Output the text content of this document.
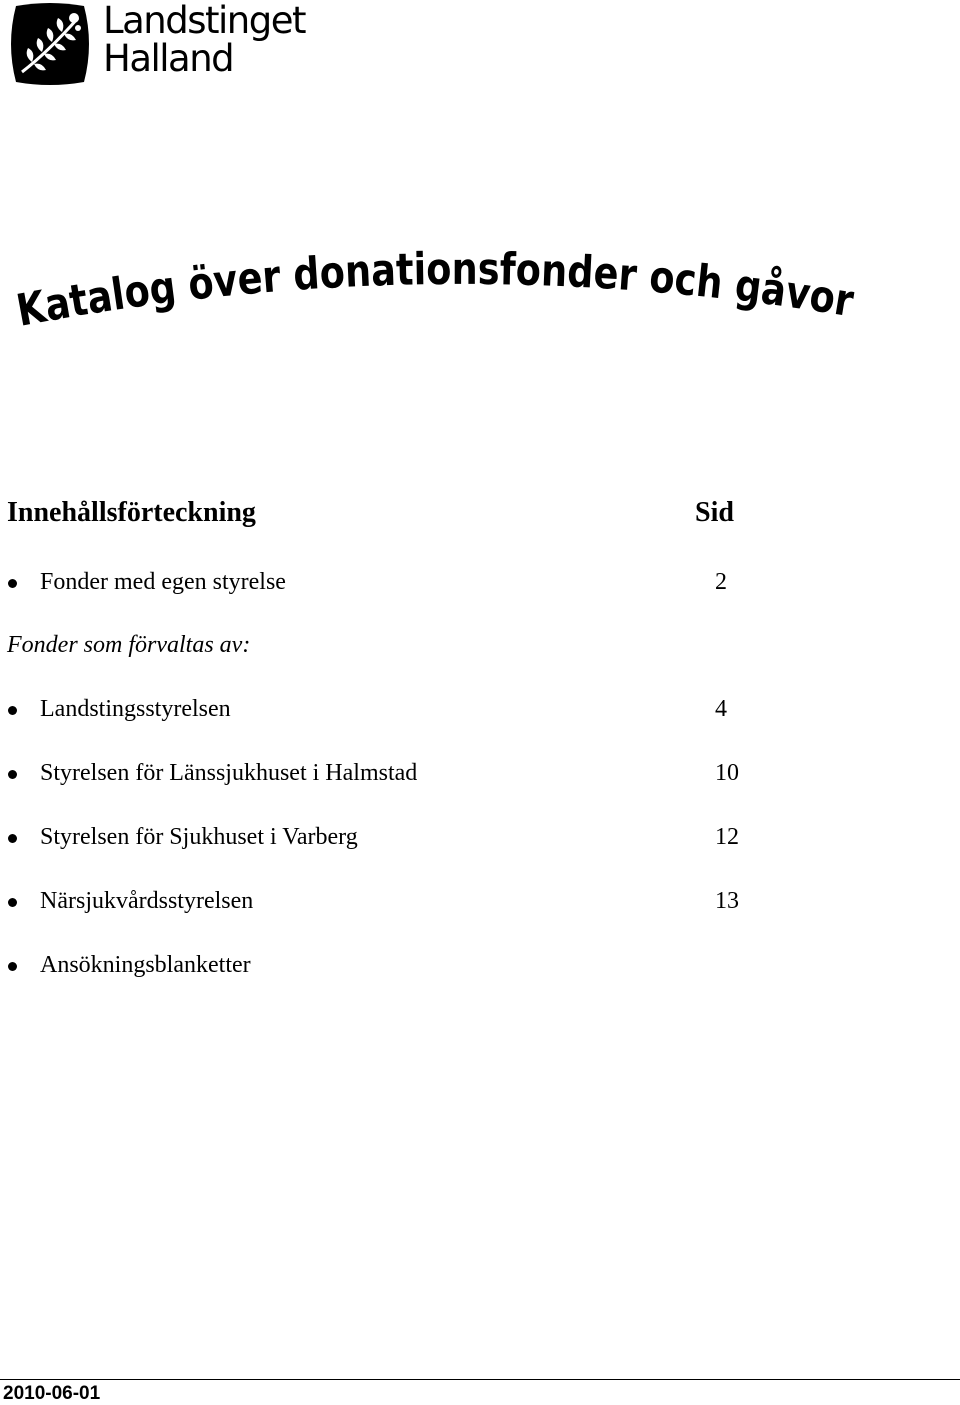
Landstinget
Halland
Katalog över donationsfonder och gåvor
Innehållsförteckning	Sid
Fonder med egen styrelse	2
Fonder som förvaltas av:
Landstingsstyrelsen	4
Styrelsen för Länssjukhuset i Halmstad	10
Styrelsen för Sjukhuset i Varberg	12
Närsjukvårdsstyrelsen	13
Ansökningsblanketter
2010-06-01
